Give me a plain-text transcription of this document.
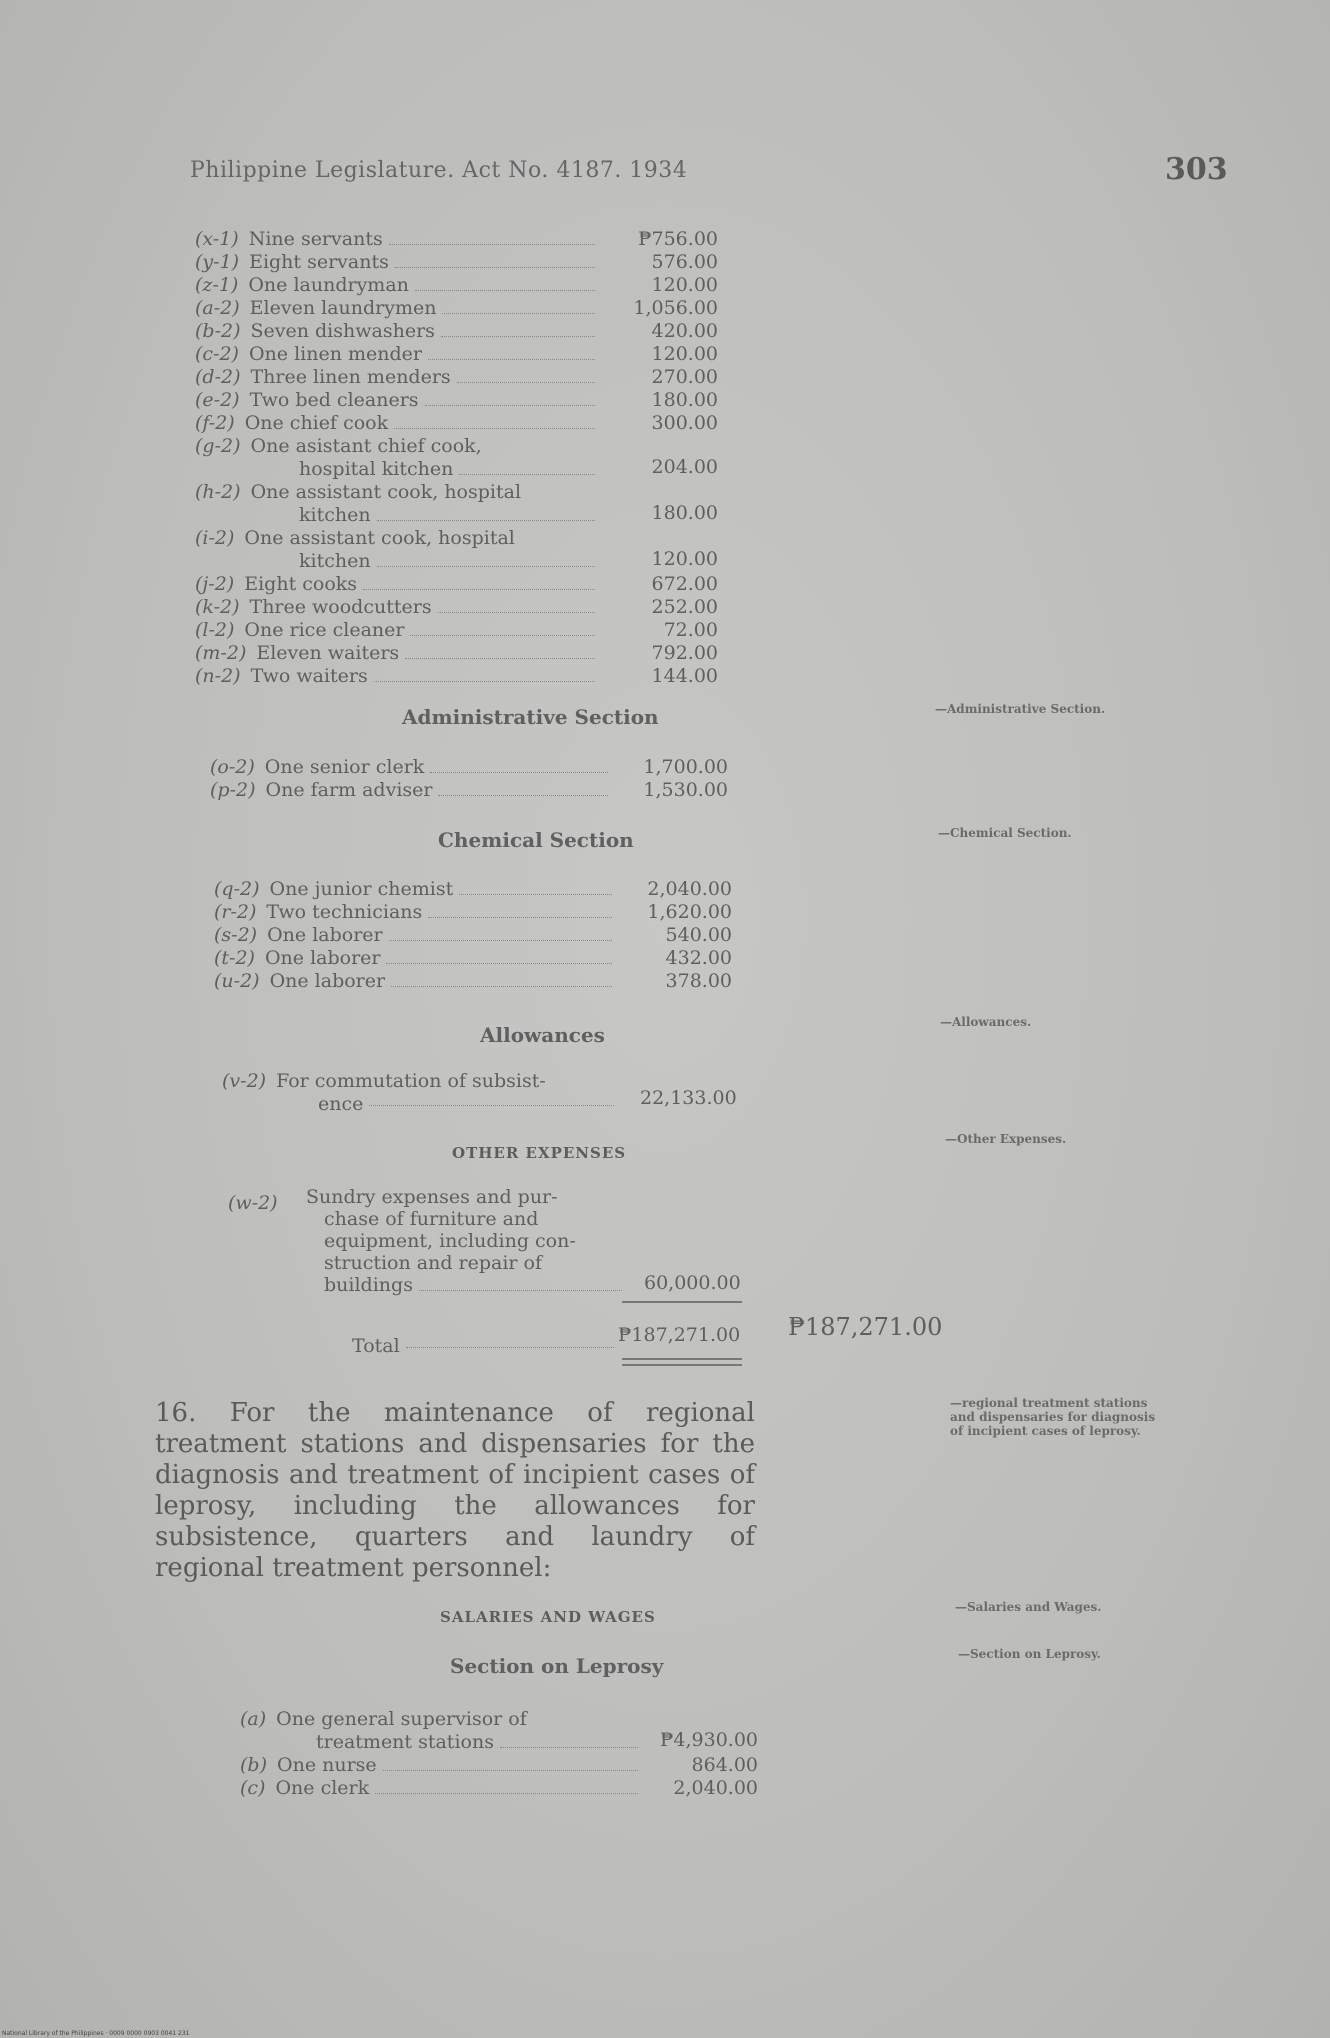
Philippine Legislature. Act No. 4187. 1934	303
(x-1) Nine servants	₱756.00
(y-1) Eight servants	576.00
(z-1) One laundryman	120.00
(a-2) Eleven laundrymen	1,056.00
(b-2) Seven dishwashers	420.00
(c-2) One linen mender	120.00
(d-2) Three linen menders	270.00
(e-2) Two bed cleaners	180.00
(f-2) One chief cook	300.00
(g-2) One asistant chief cook,
hospital kitchen	204.00
(h-2) One assistant cook, hospital
kitchen	180.00
(i-2) One assistant cook, hospital
kitchen	120.00
(j-2) Eight cooks	672.00
(k-2) Three woodcutters	252.00
(l-2) One rice cleaner	72.00
(m-2) Eleven waiters	792.00
(n-2) Two waiters	144.00
Administrative Section	—Administrative Section.
(o-2) One senior clerk	1,700.00
(p-2) One farm adviser	1,530.00
Chemical Section	—Chemical Section.
(q-2) One junior chemist	2,040.00
(r-2) Two technicians	1,620.00
(s-2) One laborer	540.00
(t-2) One laborer	432.00
(u-2) One laborer	378.00
Allowances
—Allowances.
(v-2) For commutation of subsist-
ence	22,133.00
OTHER EXPENSES
—Other Expenses.
(w-2) Sundry expenses and pur-
chase of furniture and
equipment, including con-
struction and repair of
buildings	60,000.00
Total	₱187,271.00 ₱187,271.00
16. For the maintenance of regional treatment stations and dispensaries for the diagnosis and treatment of incipient cases of leprosy, including the allowances for subsistence, quarters and laundry of regional treatment personnel:
—regional treatment stations and dispensaries for diagnosis of incipient cases of leprosy.
SALARIES AND WAGES
—Salaries and Wages.
Section on Leprosy	—Section on Leprosy.
(a) One general supervisor of
treatment stations	₱4,930.00
(b) One nurse	864.00
(c) One clerk	2,040.00
National Library of the Philippines · 0009 0000 0903 0041 231
